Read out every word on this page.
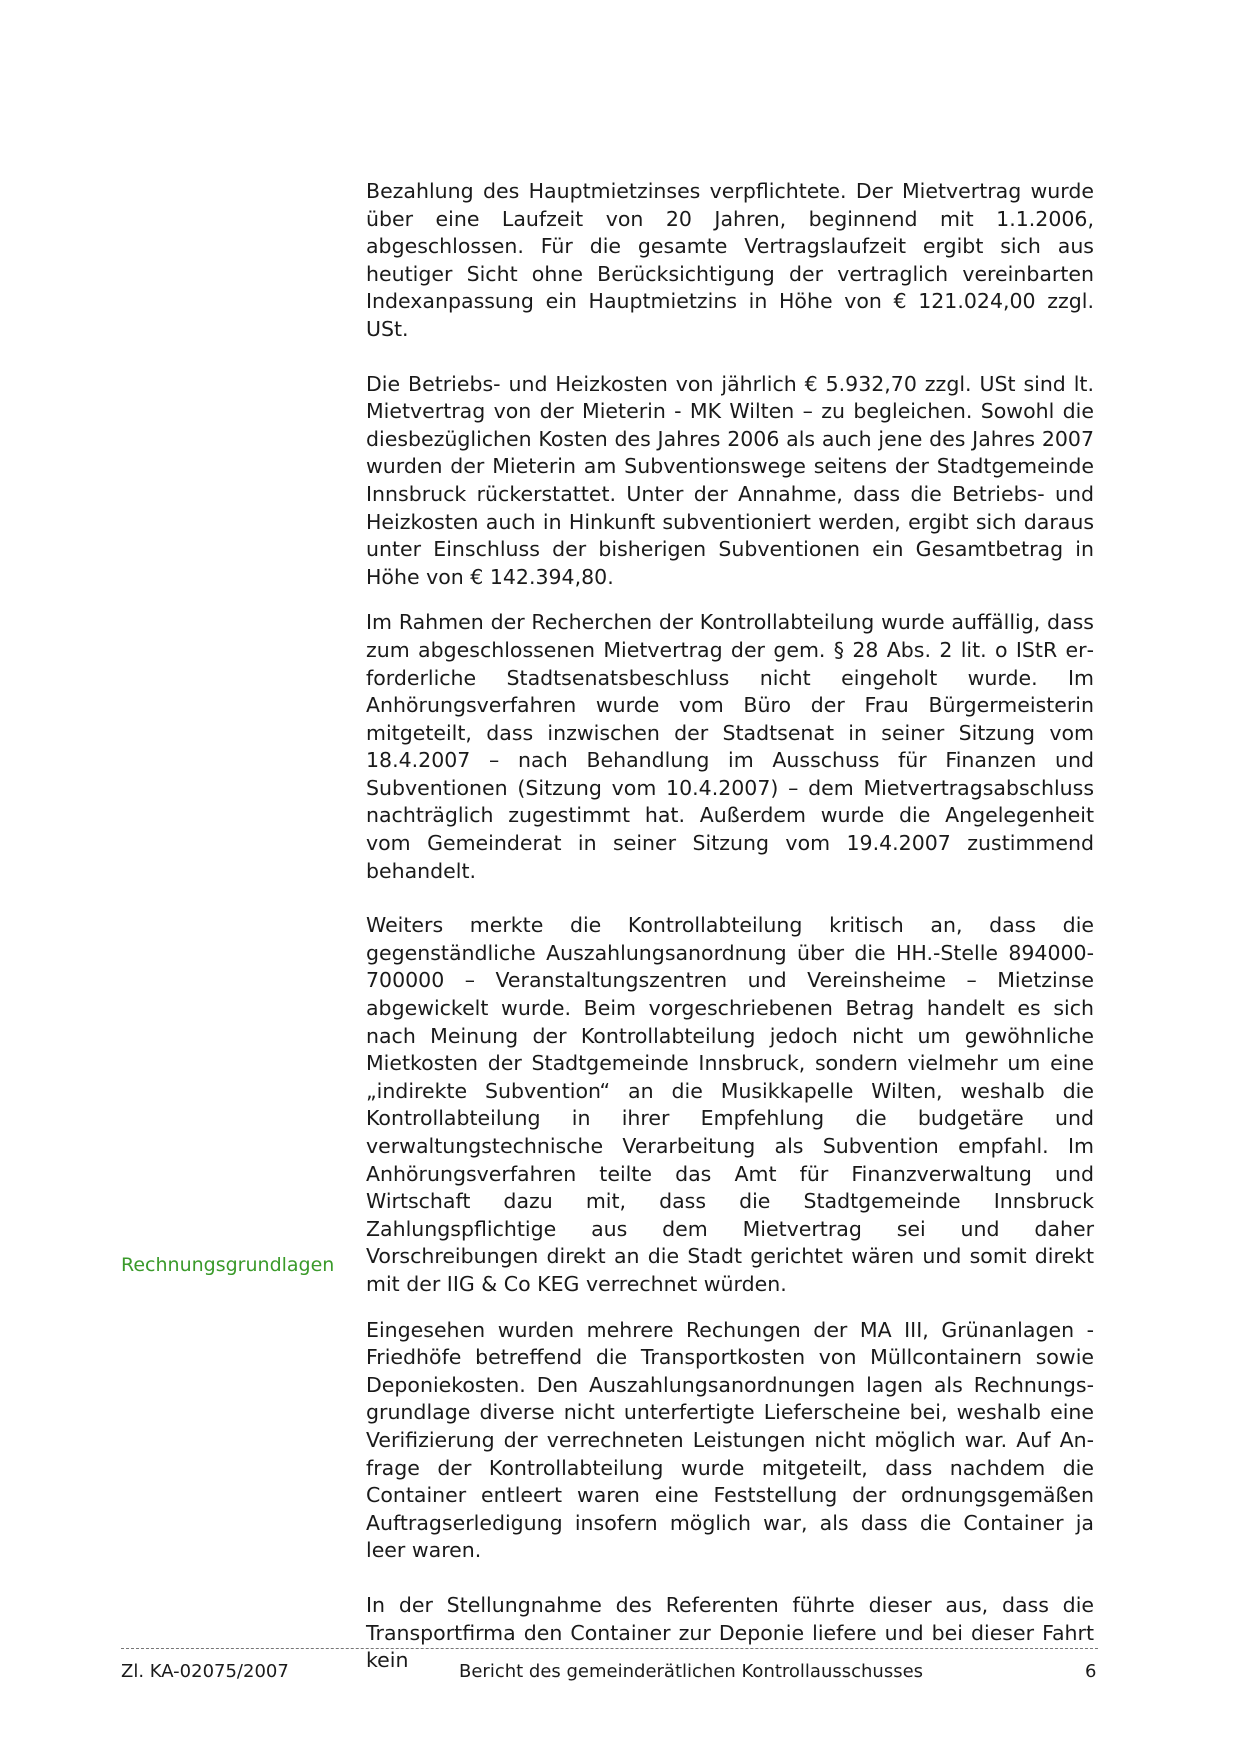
Bezahlung des Hauptmietzinses verpflichtete. Der Mietvertrag wurde über eine Laufzeit von 20 Jahren, beginnend mit 1.1.2006, abgeschlossen. Für die gesamte Vertragslaufzeit ergibt sich aus heutiger Sicht ohne Berücksichtigung der vertraglich vereinbarten Indexanpassung ein Hauptmietzins in Höhe von € 121.024,00 zzgl. USt.

Die Betriebs- und Heizkosten von jährlich € 5.932,70 zzgl. USt sind lt. Mietvertrag von der Mieterin - MK Wilten – zu begleichen. Sowohl die diesbezüglichen Kosten des Jahres 2006 als auch jene des Jahres 2007 wurden der Mieterin am Subventionswege seitens der Stadtgemeinde Innsbruck rückerstattet. Unter der Annahme, dass die Betriebs- und Heizkosten auch in Hinkunft subventioniert werden, ergibt sich daraus unter Einschluss der bisherigen Subventionen ein Gesamtbetrag in Höhe von € 142.394,80.

Im Rahmen der Recherchen der Kontrollabteilung wurde auffällig, dass zum abgeschlossenen Mietvertrag der gem. § 28 Abs. 2 lit. o IStR erforderliche Stadtsenatsbeschluss nicht eingeholt wurde. Im Anhörungsverfahren wurde vom Büro der Frau Bürgermeisterin mitgeteilt, dass inzwischen der Stadtsenat in seiner Sitzung vom 18.4.2007 – nach Behandlung im Ausschuss für Finanzen und Subventionen (Sitzung vom 10.4.2007) – dem Mietvertragsabschluss nachträglich zugestimmt hat. Außerdem wurde die Angelegenheit vom Gemeinderat in seiner Sitzung vom 19.4.2007 zustimmend behandelt.

Weiters merkte die Kontrollabteilung kritisch an, dass die gegenständliche Auszahlungsanordnung über die HH.-Stelle 894000-700000 – Veranstaltungszentren und Vereinsheime – Mietzinse abgewickelt wurde. Beim vorgeschriebenen Betrag handelt es sich nach Meinung der Kontrollabteilung jedoch nicht um gewöhnliche Mietkosten der Stadtgemeinde Innsbruck, sondern vielmehr um eine „indirekte Subvention“ an die Musikkapelle Wilten, weshalb die Kontrollabteilung in ihrer Empfehlung die budgetäre und verwaltungstechnische Verarbeitung als Subvention empfahl. Im Anhörungsverfahren teilte das Amt für Finanzverwaltung und Wirtschaft dazu mit, dass die Stadtgemeinde Innsbruck Zahlungspflichtige aus dem Mietvertrag sei und daher Vorschreibungen direkt an die Stadt gerichtet wären und somit direkt mit der IIG & Co KEG verrechnet würden.

Eingesehen wurden mehrere Rechungen der MA III, Grünanlagen - Friedhöfe betreffend die Transportkosten von Müllcontainern sowie Deponiekosten. Den Auszahlungsanordnungen lagen als Rechnungsgrundlage diverse nicht unterfertigte Lieferscheine bei, weshalb eine Verifizierung der verrechneten Leistungen nicht möglich war. Auf Anfrage der Kontrollabteilung wurde mitgeteilt, dass nachdem die Container entleert waren eine Feststellung der ordnungsgemäßen Auftragserledigung insofern möglich war, als dass die Container ja leer waren.

In der Stellungnahme des Referenten führte dieser aus, dass die Transportfirma den Container zur Deponie liefere und bei dieser Fahrt kein

Rechnungsgrundlagen
Zl. KA-02075/2007	Bericht des gemeinderätlichen Kontrollausschusses	6
